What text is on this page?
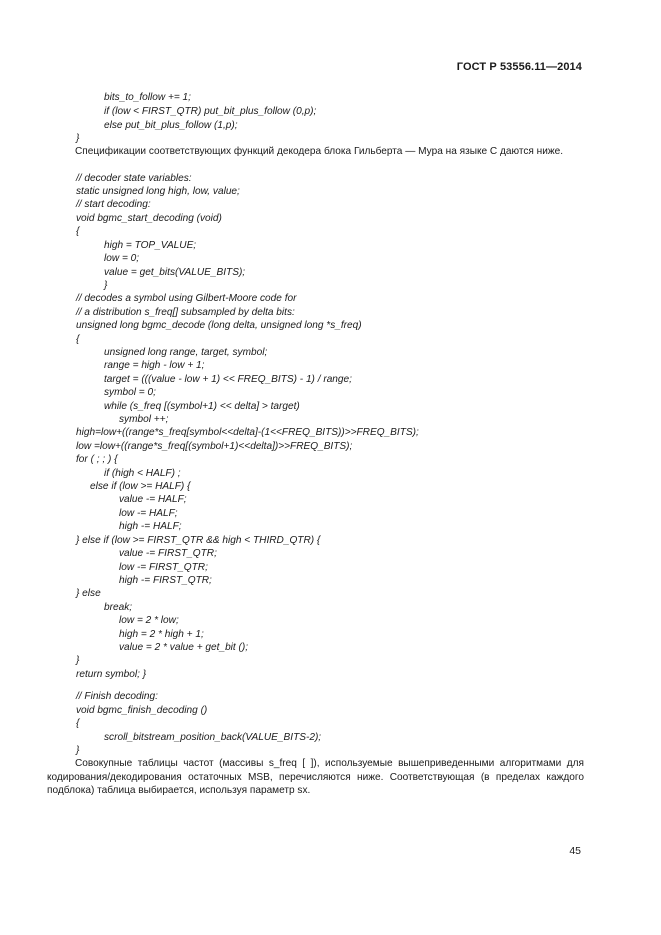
ГОСТ Р 53556.11—2014
bits_to_follow += 1;
if (low < FIRST_QTR) put_bit_plus_follow (0,p);
else put_bit_plus_follow (1,p);
}
// decoder state variables:
static unsigned long high, low, value;
// start decoding:
void bgmc_start_decoding (void)
{
high = TOP_VALUE;
low = 0;
value = get_bits(VALUE_BITS);
}
// decodes a symbol using Gilbert-Moore code for
// a distribution s_freq[] subsampled by delta bits:
unsigned long bgmc_decode (long delta, unsigned long *s_freq)
{
unsigned long range, target, symbol;
range = high - low + 1;
target = (((value - low + 1) << FREQ_BITS) - 1) / range;
symbol = 0;
while (s_freq [(symbol+1) << delta] > target)
symbol ++;
high=low+((range*s_freq[symbol<<delta]-(1<<FREQ_BITS))>>FREQ_BITS);
low =low+((range*s_freq[(symbol+1)<<delta])>>FREQ_BITS);
for ( ; ; ) {
if (high < HALF) ;
else if (low >= HALF) {
value -= HALF;
low -= HALF;
high -= HALF;
} else if (low >= FIRST_QTR && high < THIRD_QTR) {
value -= FIRST_QTR;
low -= FIRST_QTR;
high -= FIRST_QTR;
} else
break;
low = 2 * low;
high = 2 * high + 1;
value = 2 * value + get_bit ();
}
return symbol; }
// Finish decoding:
void bgmc_finish_decoding ()
{
scroll_bitstream_position_back(VALUE_BITS-2);
}
Спецификации соответствующих функций декодера блока Гильберта — Мура на языке C даются ниже.
Совокупные таблицы частот (массивы s_freq [ ]), используемые вышеприведенными алгоритмами для кодирования/декодирования остаточных MSB, перечисляются ниже. Соответствующая (в пределах каждого подблока) таблица выбирается, используя параметр sx.
45
